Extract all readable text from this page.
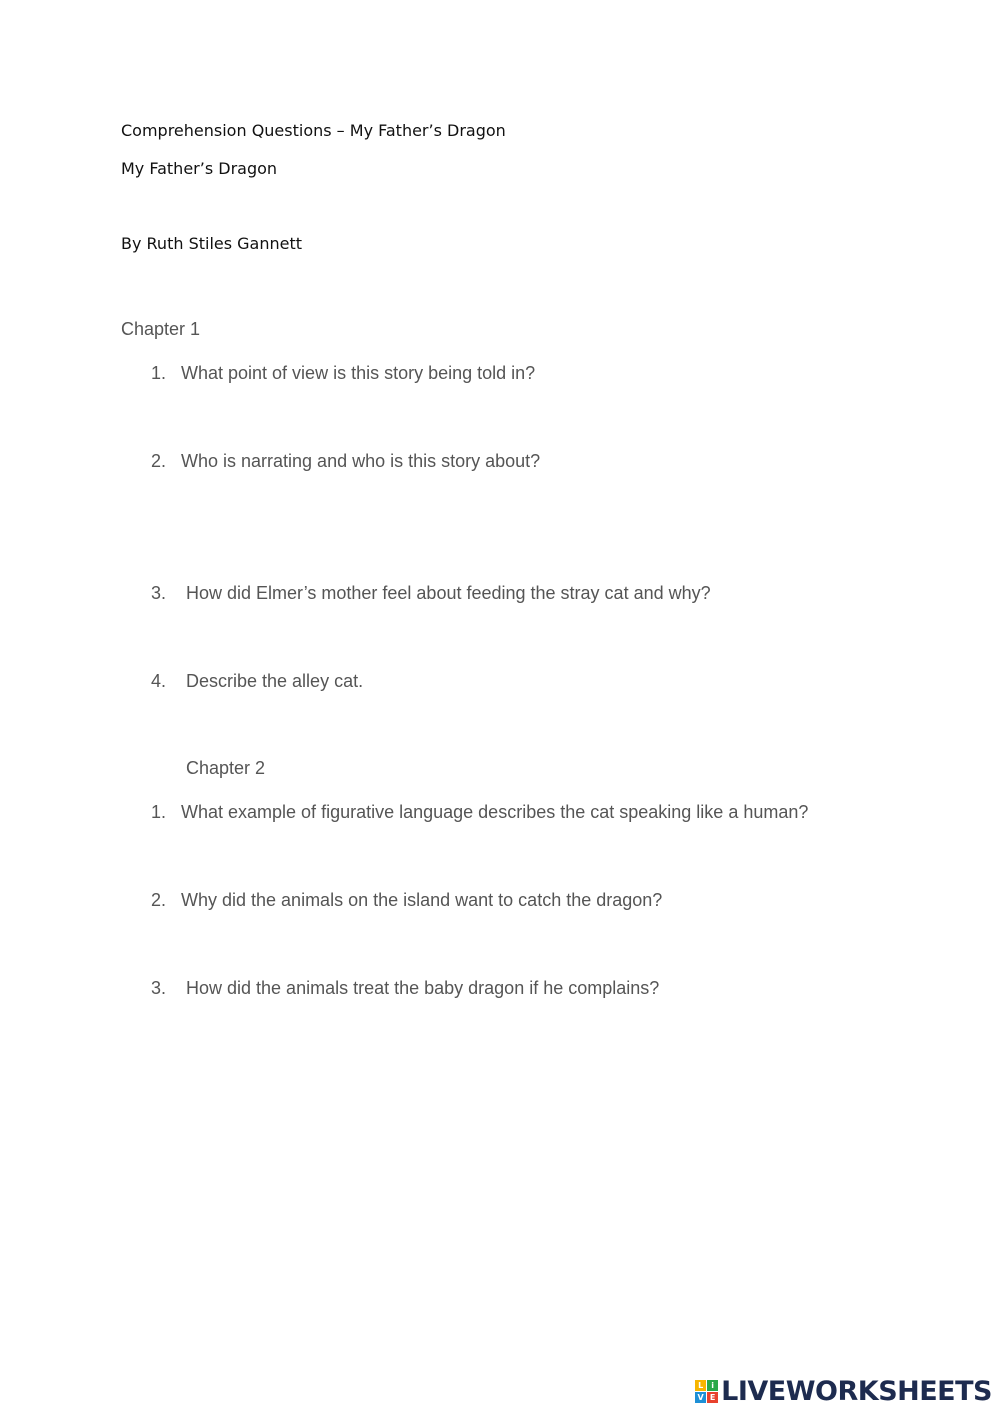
Comprehension Questions – My Father’s Dragon
My Father’s Dragon
By Ruth Stiles Gannett
Chapter 1
1. What point of view is this story being told in?
2. Who is narrating and who is this story about?
3.	How did Elmer’s mother feel about feeding the stray cat and why?
4.	Describe the alley cat.
Chapter 2
1. What example of figurative language describes the cat speaking like a human?
2. Why did the animals on the island want to catch the dragon?
3.	How did the animals treat the baby dragon if he complains?
L	i
V E LIVEWORKSHEETS
